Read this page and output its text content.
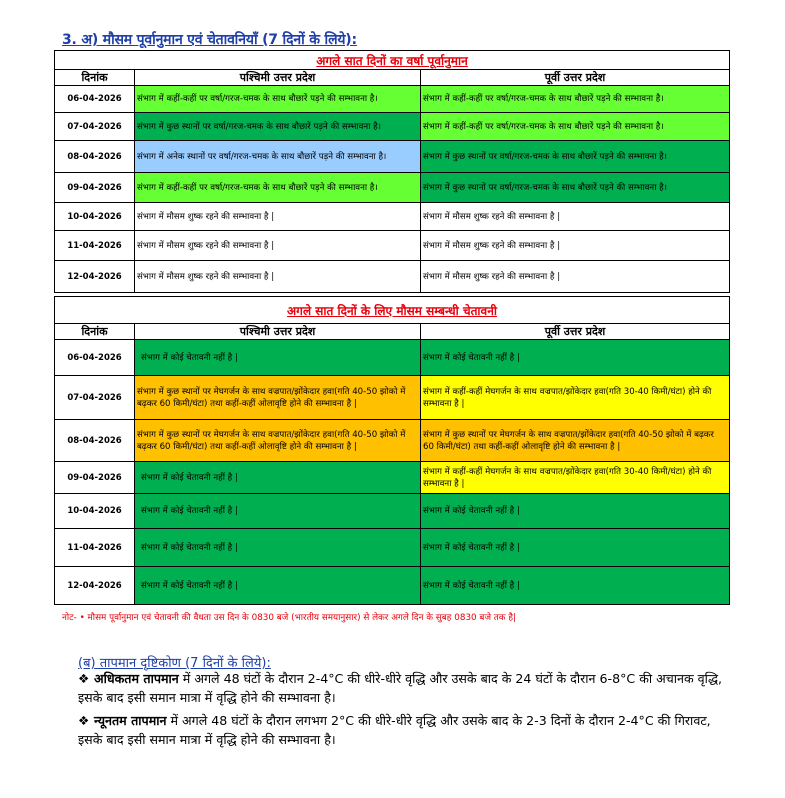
3. अ) मौसम पूर्वानुमान एवं चेतावनियाँ (7 दिनों के लिये):
अगले सात दिनों का वर्षा पूर्वानुमान		
दिनांक	पश्चिमी उत्तर प्रदेश	पूर्वी उत्तर प्रदेश
06-04-2026	संभाग में कहीं-कहीं पर वर्षा/गरज-चमक के साथ बौछारें पड़ने की सम्भावना है।	संभाग में कहीं-कहीं पर वर्षा/गरज-चमक के साथ बौछारें पड़ने की सम्भावना है।
07-04-2026	संभाग में कुछ स्थानों पर वर्षा/गरज-चमक के साथ बौछारें पड़ने की सम्भावना है।	संभाग में कहीं-कहीं पर वर्षा/गरज-चमक के साथ बौछारें पड़ने की सम्भावना है।
08-04-2026	संभाग में अनेक स्थानों पर वर्षा/गरज-चमक के साथ बौछारें पड़ने की सम्भावना है।	संभाग में कुछ स्थानों पर वर्षा/गरज-चमक के साथ बौछारें पड़ने की सम्भावना है।
09-04-2026	संभाग में कहीं-कहीं पर वर्षा/गरज-चमक के साथ बौछारें पड़ने की सम्भावना है।	संभाग में कुछ स्थानों पर वर्षा/गरज-चमक के साथ बौछारें पड़ने की सम्भावना है।
10-04-2026	संभाग में मौसम शुष्क रहने की सम्भावना है |	संभाग में मौसम शुष्क रहने की सम्भावना है |
11-04-2026	संभाग में मौसम शुष्क रहने की सम्भावना है |	संभाग में मौसम शुष्क रहने की सम्भावना है |
12-04-2026	संभाग में मौसम शुष्क रहने की सम्भावना है |	संभाग में मौसम शुष्क रहने की सम्भावना है |
अगले सात दिनों के लिए मौसम सम्बन्धी चेतावनी		
दिनांक	पश्चिमी उत्तर प्रदेश	पूर्वी उत्तर प्रदेश
06-04-2026	संभाग में कोई चेतावनी नहीं है |	संभाग में कोई चेतावनी नहीं है |
07-04-2026	संभाग में कुछ स्थानों पर मेघगर्जन के साथ वज्रपात/झोंकेदार हवा(गति 40-50 झोको में बढ़कर 60 किमी/घंटा) तथा कहीं-कहीं ओलावृष्टि होने की सम्भावना है |	संभाग में कहीं-कहीं मेघगर्जन के साथ वज्रपात/झोंकेदार हवा(गति 30-40 किमी/घंटा) होने की सम्भावना है |
08-04-2026	संभाग में कुछ स्थानों पर मेघगर्जन के साथ वज्रपात/झोंकेदार हवा(गति 40-50 झोको में बढ़कर 60 किमी/घंटा) तथा कहीं-कहीं ओलावृष्टि होने की सम्भावना है |	संभाग में कुछ स्थानों पर मेघगर्जन के साथ वज्रपात/झोंकेदार हवा(गति 40-50 झोको में बढ़कर 60 किमी/घंटा) तथा कहीं-कहीं ओलावृष्टि होने की सम्भावना है |
09-04-2026	संभाग में कोई चेतावनी नहीं है |	संभाग में कहीं-कहीं मेघगर्जन के साथ वज्रपात/झोंकेदार हवा(गति 30-40 किमी/घंटा) होने की सम्भावना है |
10-04-2026	संभाग में कोई चेतावनी नहीं है |	संभाग में कोई चेतावनी नहीं है |
11-04-2026	संभाग में कोई चेतावनी नहीं है |	संभाग में कोई चेतावनी नहीं है |
12-04-2026	संभाग में कोई चेतावनी नहीं है |	संभाग में कोई चेतावनी नहीं है |
नोट- • मौसम पूर्वानुमान एवं चेतावनी की वैधता उस दिन के 0830 बजे (भारतीय समयानुसार) से लेकर अगले दिन के सुबह 0830 बजे तक है|
(ब) तापमान दृष्टिकोण (7 दिनों के लिये):
❖ अधिकतम तापमान में अगले 48 घंटों के दौरान 2-4°C की धीरे-धीरे वृद्धि और उसके बाद के 24 घंटों के दौरान 6-8°C की अचानक वृद्धि, इसके बाद इसी समान मात्रा में वृद्धि होने की सम्भावना है।
❖ न्यूनतम तापमान में अगले 48 घंटों के दौरान लगभग 2°C की धीरे-धीरे वृद्धि और उसके बाद के 2-3 दिनों के दौरान 2-4°C की गिरावट, इसके बाद इसी समान मात्रा में वृद्धि होने की सम्भावना है।
